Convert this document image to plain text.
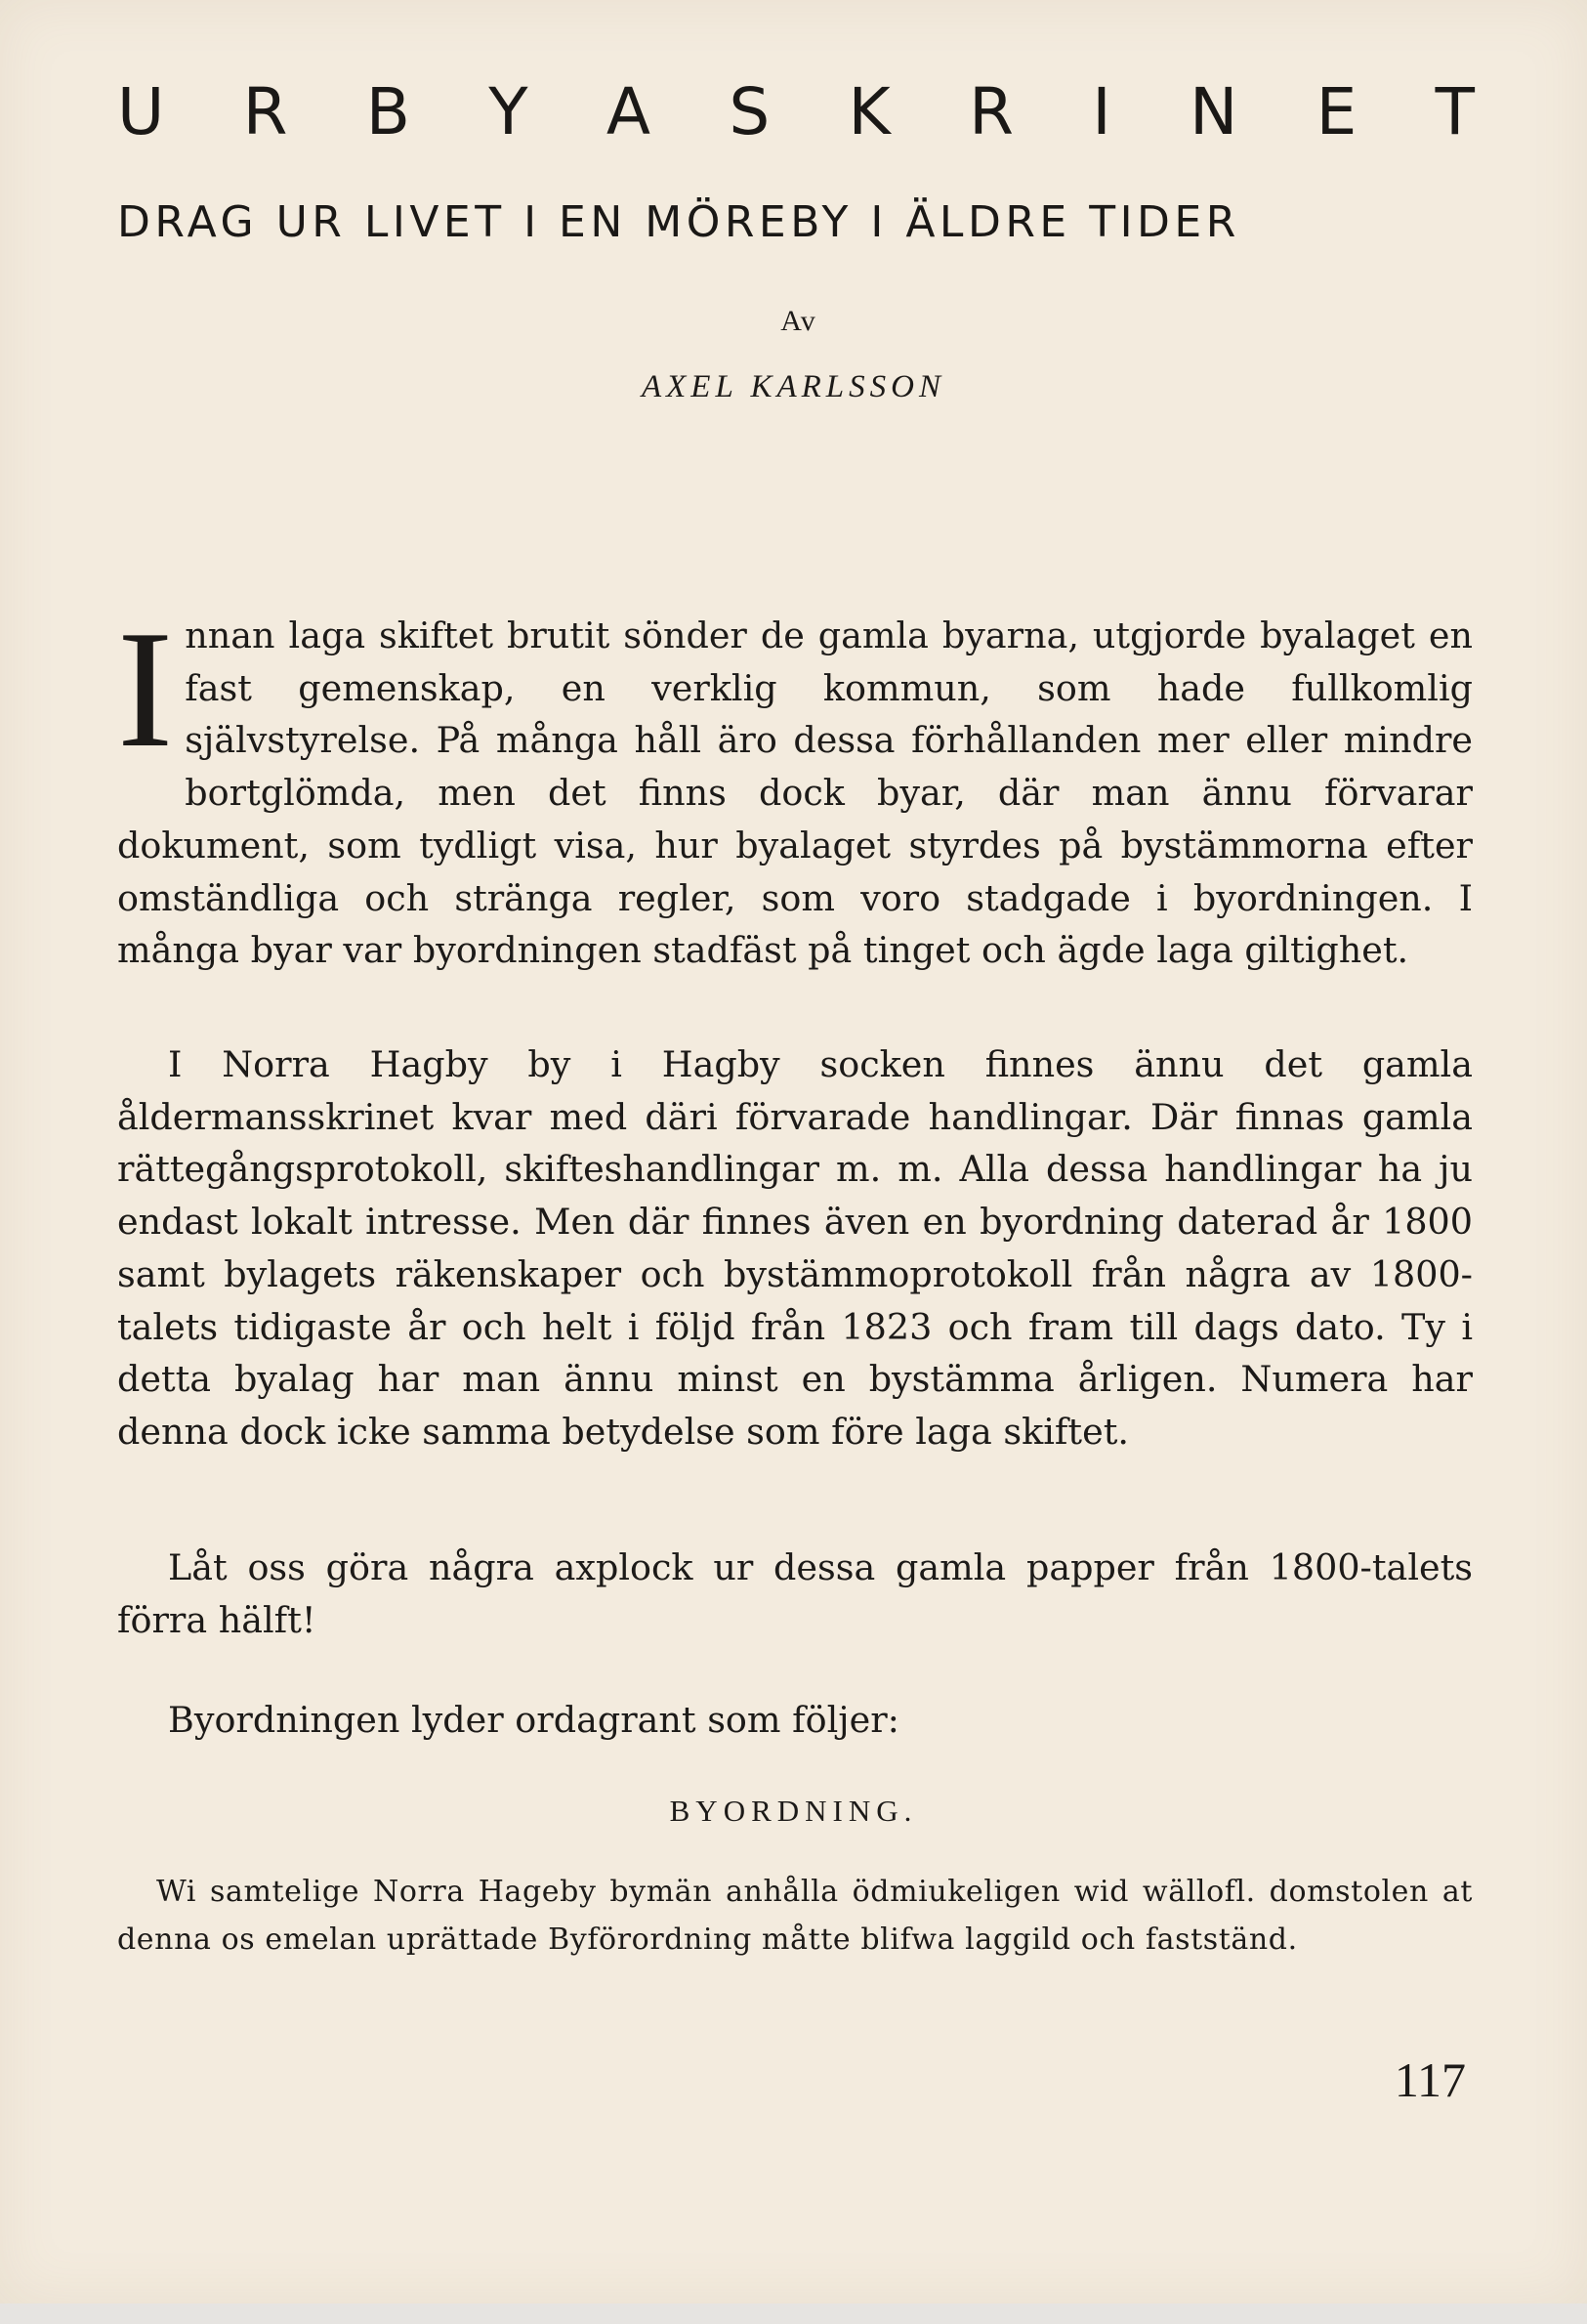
U R B Y A S K R I N E T
DRAG UR LIVET I EN MÖREBY I ÄLDRE TIDER
Av
AXEL KARLSSON
I nnan laga skiftet brutit sönder de gamla byarna, utgjorde byalaget en fast gemenskap, en verklig kommun, som hade fullkomlig självstyrelse. På många håll äro dessa förhållanden mer eller mindre bortglömda, men det finns dock byar, där man ännu förvarar dokument, som tydligt visa, hur byalaget styrdes på bystämmorna efter omständliga och stränga regler, som voro stadgade i byordningen. I många byar var byordningen stadfäst på tinget och ägde laga giltighet.
I Norra Hagby by i Hagby socken finnes ännu det gamla åldermansskrinet kvar med däri förvarade handlingar. Där finnas gamla rättegångsprotokoll, skifteshandlingar m. m. Alla dessa handlingar ha ju endast lokalt intresse. Men där finnes även en byordning daterad år 1800 samt bylagets räkenskaper och bystämmoprotokoll från några av 1800-talets tidigaste år och helt i följd från 1823 och fram till dags dato. Ty i detta byalag har man ännu minst en bystämma årligen. Numera har denna dock icke samma betydelse som före laga skiftet.
Låt oss göra några axplock ur dessa gamla papper från 1800-talets förra hälft!
Byordningen lyder ordagrant som följer:
BYORDNING.
Wi samtelige Norra Hageby bymän anhålla ödmiukeligen wid wällofl. domstolen at denna os emelan uprättade Byförordning måtte blifwa laggild och fastständ.
117
